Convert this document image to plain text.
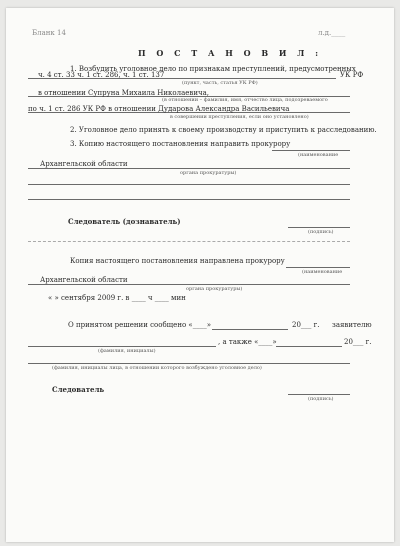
Бланк 14	л.д.____
П О С Т А Н О В И Л :
1. Возбудить уголовное дело по признакам преступлений, предусмотренных
ч. 4 ст. 33 ч. 1 ст. 286, ч. 1 ст. 137	УК РФ
(пункт, часть, статья УК РФ)
в отношении Супруна Михаила Николаевича,
(в отношении – фамилия, имя, отчество лица, подозреваемого
по ч. 1 ст. 286 УК РФ в отношении Дударова Александра Васильевича
в совершении преступления, если оно установлено)
2. Уголовное дело принять к своему производству и приступить к расследованию.
3. Копию настоящего постановления направить прокурору
(наименование
Архангельской области
органа прокуратуры)
Следователь (дознаватель)
(подпись)
Копия настоящего постановления направлена прокурору
(наименование
Архангельской области
органа прокуратуры)
« » сентября 2009 г. в ____ ч ____ мин
О принятом решении сообщено «____»	20___ г. заявителю
, а также «____»	20___ г.
(фамилия, инициалы)
(фамилия, инициалы лица, в отношении которого возбуждено уголовное дело)
Следователь
(подпись)
